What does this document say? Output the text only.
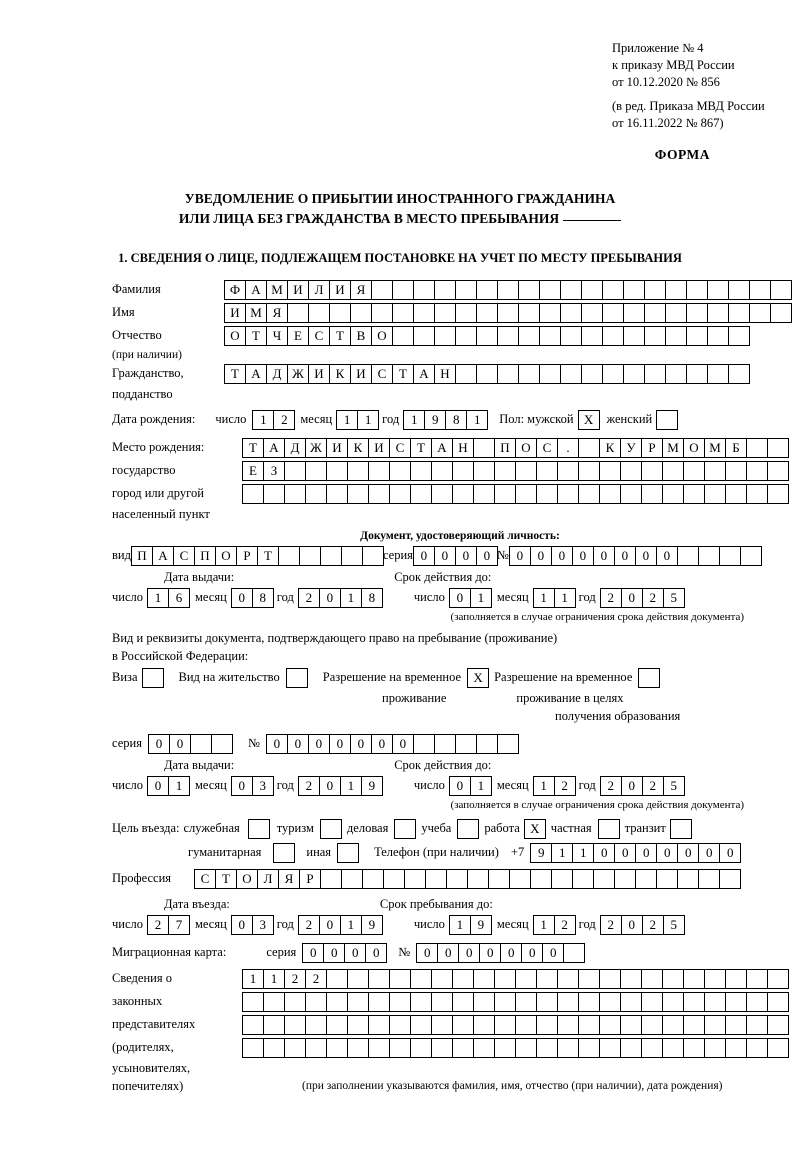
Приложение № 4
к приказу МВД России
от 10.12.2020 № 856
(в ред. Приказа МВД России
от 16.11.2022 № 867)
ФОРМА
УВЕДОМЛЕНИЕ О ПРИБЫТИИ ИНОСТРАННОГО ГРАЖДАНИНА
ИЛИ ЛИЦА БЕЗ ГРАЖДАНСТВА В МЕСТО ПРЕБЫВАНИЯ
1. СВЕДЕНИЯ О ЛИЦЕ, ПОДЛЕЖАЩЕМ ПОСТАНОВКЕ НА УЧЕТ ПО МЕСТУ ПРЕБЫВАНИЯ
Фамилия	Ф А М И Л И Я
Имя	И М Я
Отчество	О Т Ч Е С Т В О
(при наличии)
Гражданство,	Т А Д Ж И К И С Т А Н
подданство
Дата рождения: число	1	2	месяц 1	1 год 1	9	8	1	Пол: мужской Х	женский
Место рождения:	Т А Д Ж И К И С Т А Н	П О С	.	К У Р М О М Б
государство	Е	З
город или другой
населенный пункт
Документ, удостоверяющий личность:
вид П А С П О Р	Т	серия 0	0	0	0 № 0	0	0	0	0	0	0	0
Дата выдачи:	Срок действия до:
число 1	6	месяц 0	8 год 2	0	1	8	число 0	1	месяц 1	1 год 2	0	2	5
(заполняется в случае ограничения срока действия документа)
Вид и реквизиты документа, подтверждающего право на пребывание (проживание)
в Российской Федерации:
Виза	Вид на жительство	Разрешение на временное Х Разрешение на временное
проживание	проживание в целях
получения образования
серия	0	0	№	0	0	0	0	0	0	0
Дата выдачи:	Срок действия до:
число 0	1	месяц 0	3 год 2	0	1	9	число 0	1	месяц 1	2 год 2	0	2	5
(заполняется в случае ограничения срока действия документа)
Цель въезда: служебная	туризм	деловая	учеба	работа Х частная	транзит
гуманитарная	иная	Телефон (при наличии) +7	9	1	1	0	0	0	0	0	0	0
Профессия	С Т О Л Я	Р
Дата въезда:	Срок пребывания до:
число 2	7	месяц 0	3 год 2	0	1	9	число 1	9	месяц 1	2 год 2	0	2	5
Миграционная карта:	серия	0	0	0	0	№	0	0	0	0	0	0	0
Сведения о	1	1	2	2
законных
представителях
(родителях,
усыновителях,
попечителях)	(при заполнении указываются фамилия, имя, отчество (при наличии), дата рождения)
